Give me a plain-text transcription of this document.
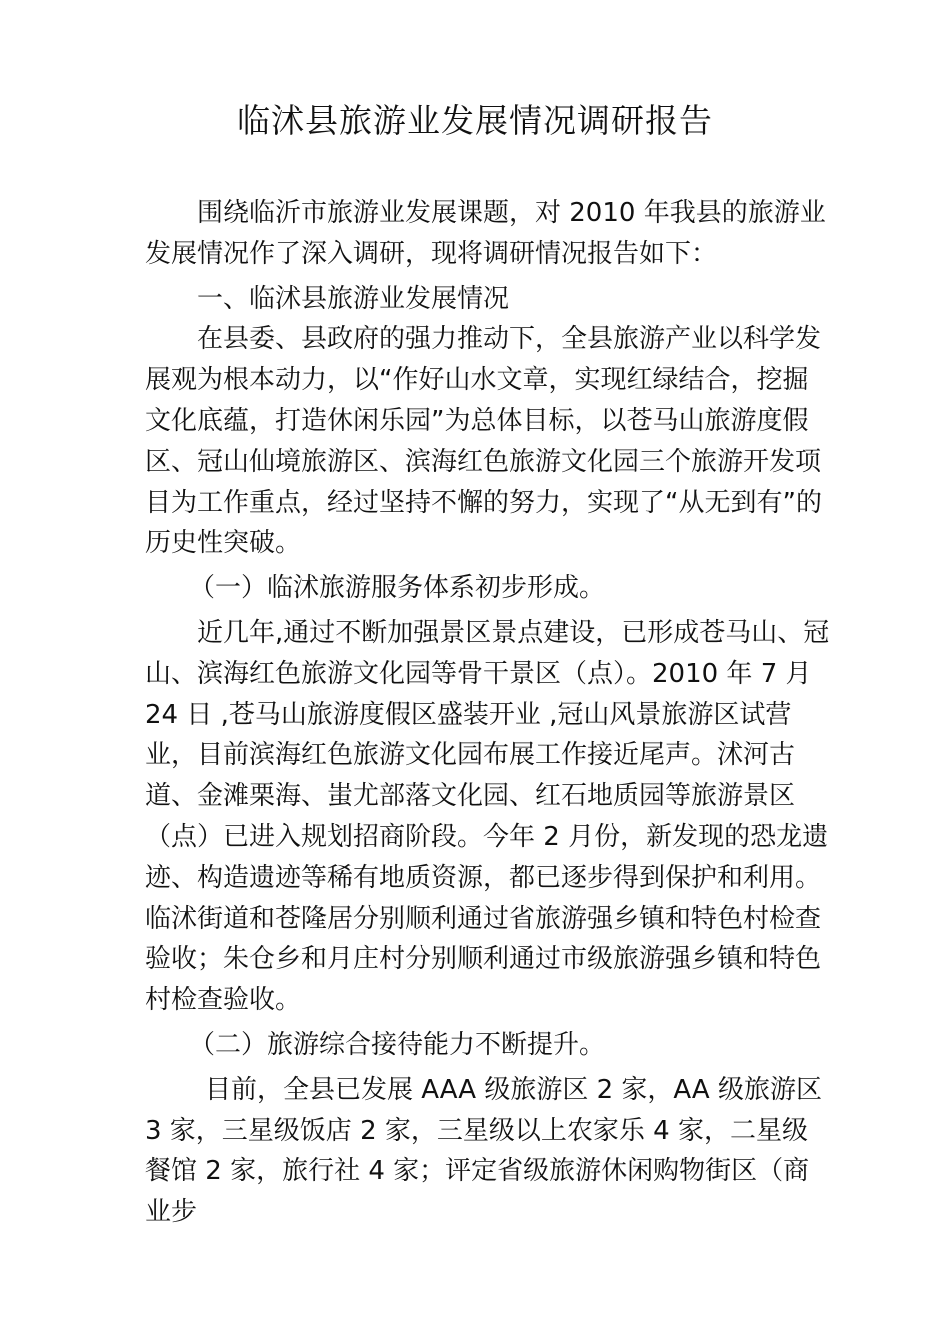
临沭县旅游业发展情况调研报告

围绕临沂市旅游业发展课题，对 2010 年我县的旅游业发展情况作了深入调研，现将调研情况报告如下：

一、临沭县旅游业发展情况

在县委、县政府的强力推动下，全县旅游产业以科学发展观为根本动力，以“作好山水文章，实现红绿结合，挖掘文化底蕴，打造休闲乐园”为总体目标，以苍马山旅游度假区、冠山仙境旅游区、滨海红色旅游文化园三个旅游开发项目为工作重点，经过坚持不懈的努力，实现了“从无到有”的历史性突破。

（一）临沭旅游服务体系初步形成。

近几年,通过不断加强景区景点建设，已形成苍马山、冠山、滨海红色旅游文化园等骨干景区（点）。2010 年 7 月 24 日 ,苍马山旅游度假区盛装开业 ,冠山风景旅游区试营业，目前滨海红色旅游文化园布展工作接近尾声。沭河古道、金滩栗海、蚩尤部落文化园、红石地质园等旅游景区（点）已进入规划招商阶段。今年 2 月份，新发现的恐龙遗迹、构造遗迹等稀有地质资源，都已逐步得到保护和利用。临沭街道和苍隆居分别顺利通过省旅游强乡镇和特色村检查验收；朱仓乡和月庄村分别顺利通过市级旅游强乡镇和特色村检查验收。

（二）旅游综合接待能力不断提升。

目前，全县已发展 AAA 级旅游区 2 家，AA 级旅游区 3 家，三星级饭店 2 家，三星级以上农家乐 4 家，二星级餐馆 2 家，旅行社 4 家；评定省级旅游休闲购物街区（商业步
